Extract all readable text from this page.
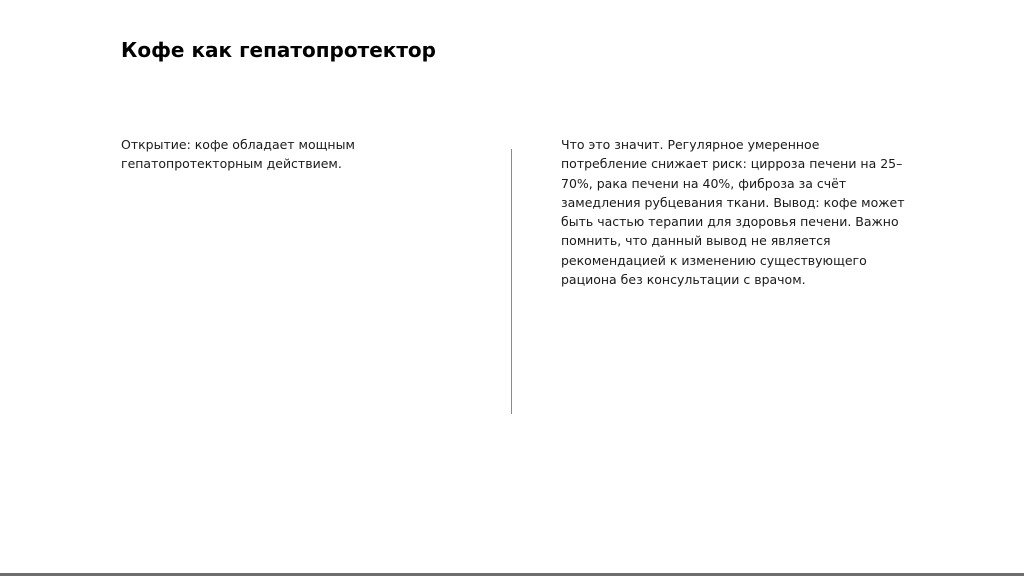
Кофе как гепатопротектор

Открытие: кофе обладает мощным гепатопротекторным действием.

Что это значит. Регулярное умеренное потребление снижает риск: цирроза печени на 25–70%, рака печени на 40%, фиброза за счёт замедления рубцевания ткани. Вывод: кофе может быть частью терапии для здоровья печени. Важно помнить, что данный вывод не является рекомендацией к изменению существующего рациона без консультации с врачом.
